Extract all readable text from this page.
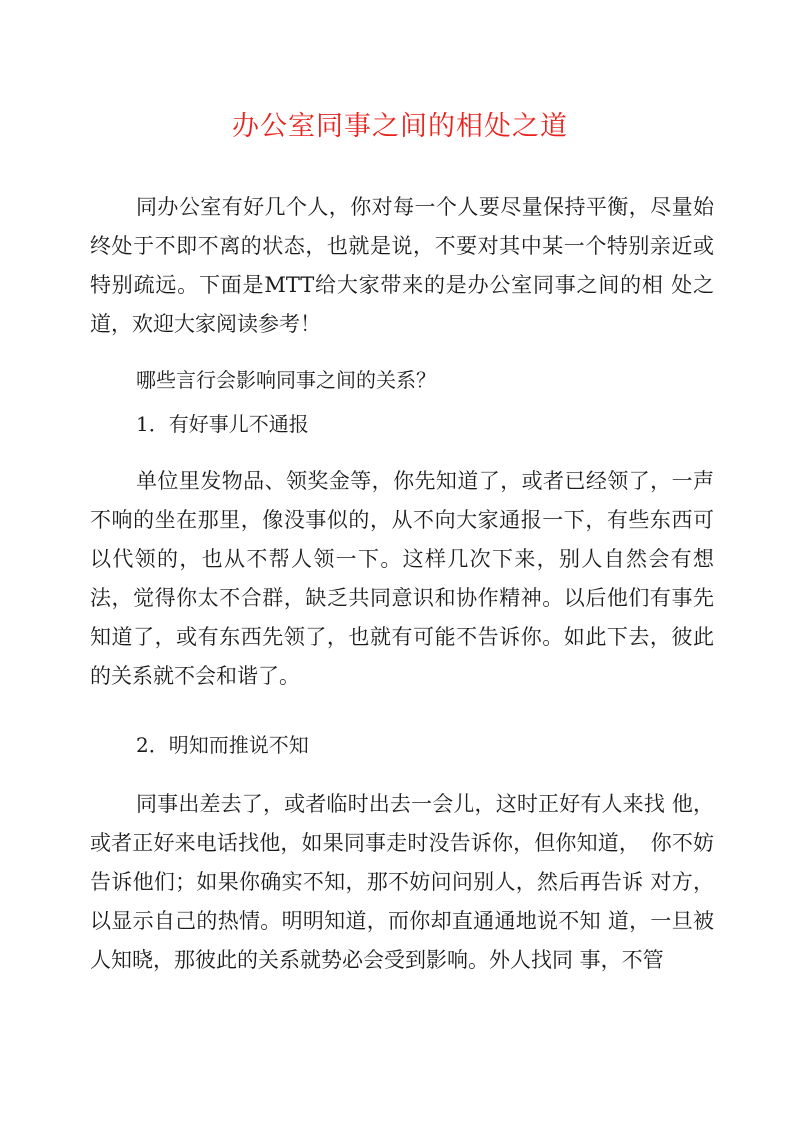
办公室同事之间的相处之道

同办公室有好几个人，你对每一个人要尽量保持平衡，尽量始终处于不即不离的状态，也就是说，不要对其中某一个特别亲近或特别疏远。下面是MTT给大家带来的是办公室同事之间的相 处之道，欢迎大家阅读参考！

哪些言行会影响同事之间的关系？

1．有好事儿不通报

单位里发物品、领奖金等，你先知道了，或者已经领了，一声不响的坐在那里，像没事似的，从不向大家通报一下，有些东西可以代领的，也从不帮人领一下。这样几次下来，别人自然会有想法，觉得你太不合群，缺乏共同意识和协作精神。以后他们有事先知道了，或有东西先领了，也就有可能不告诉你。如此下去，彼此的关系就不会和谐了。

2．明知而推说不知

同事出差去了，或者临时出去一会儿，这时正好有人来找 他，或者正好来电话找他，如果同事走时没告诉你，但你知道，　你不妨告诉他们；如果你确实不知，那不妨问问别人，然后再告诉 对方，以显示自己的热情。明明知道，而你却直通通地说不知 道，一旦被人知晓，那彼此的关系就势必会受到影响。外人找同 事，不管
